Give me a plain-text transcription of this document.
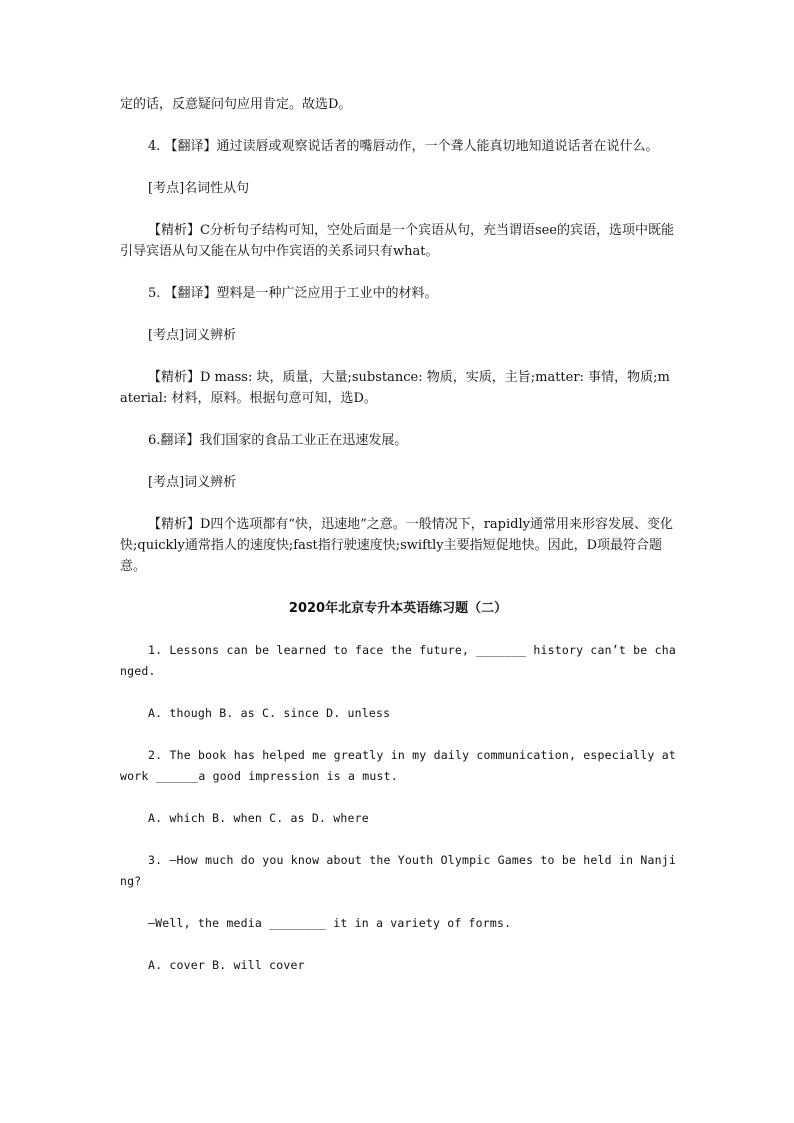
定的话，反意疑问句应用肯定。故选D。

4. 【翻译】通过读唇或观察说话者的嘴唇动作，一个聋人能真切地知道说话者在说什么。

[考点]名词性从句

【精析】C分析句子结构可知，空处后面是一个宾语从句，充当谓语see的宾语，选项中既能引导宾语从句又能在从句中作宾语的关系词只有what。

5. 【翻译】塑料是一种广泛应用于工业中的材料。

[考点]词义辨析

【精析】D mass: 块，质量，大量;substance: 物质，实质，主旨;matter: 事情，物质;material: 材料，原料。根据句意可知，选D。

6.翻译】我们国家的食品工业正在迅速发展。

[考点]词义辨析

【精析】D四个选项都有“快，迅速地”之意。一般情况下，rapidly通常用来形容发展、变化快;quickly通常指人的速度快;fast指行驶速度快;swiftly主要指短促地快。因此，D项最符合题意。

2020年北京专升本英语练习题（二）

1. Lessons can be learned to face the future, _______ history can’t be changed.

A. though B. as C. since D. unless

2. The book has helped me greatly in my daily communication, especially at work ______a good impression is a must.

A. which B. when C. as D. where

3. —How much do you know about the Youth Olympic Games to be held in Nanjing?

—Well, the media ________ it in a variety of forms.

A. cover B. will cover
